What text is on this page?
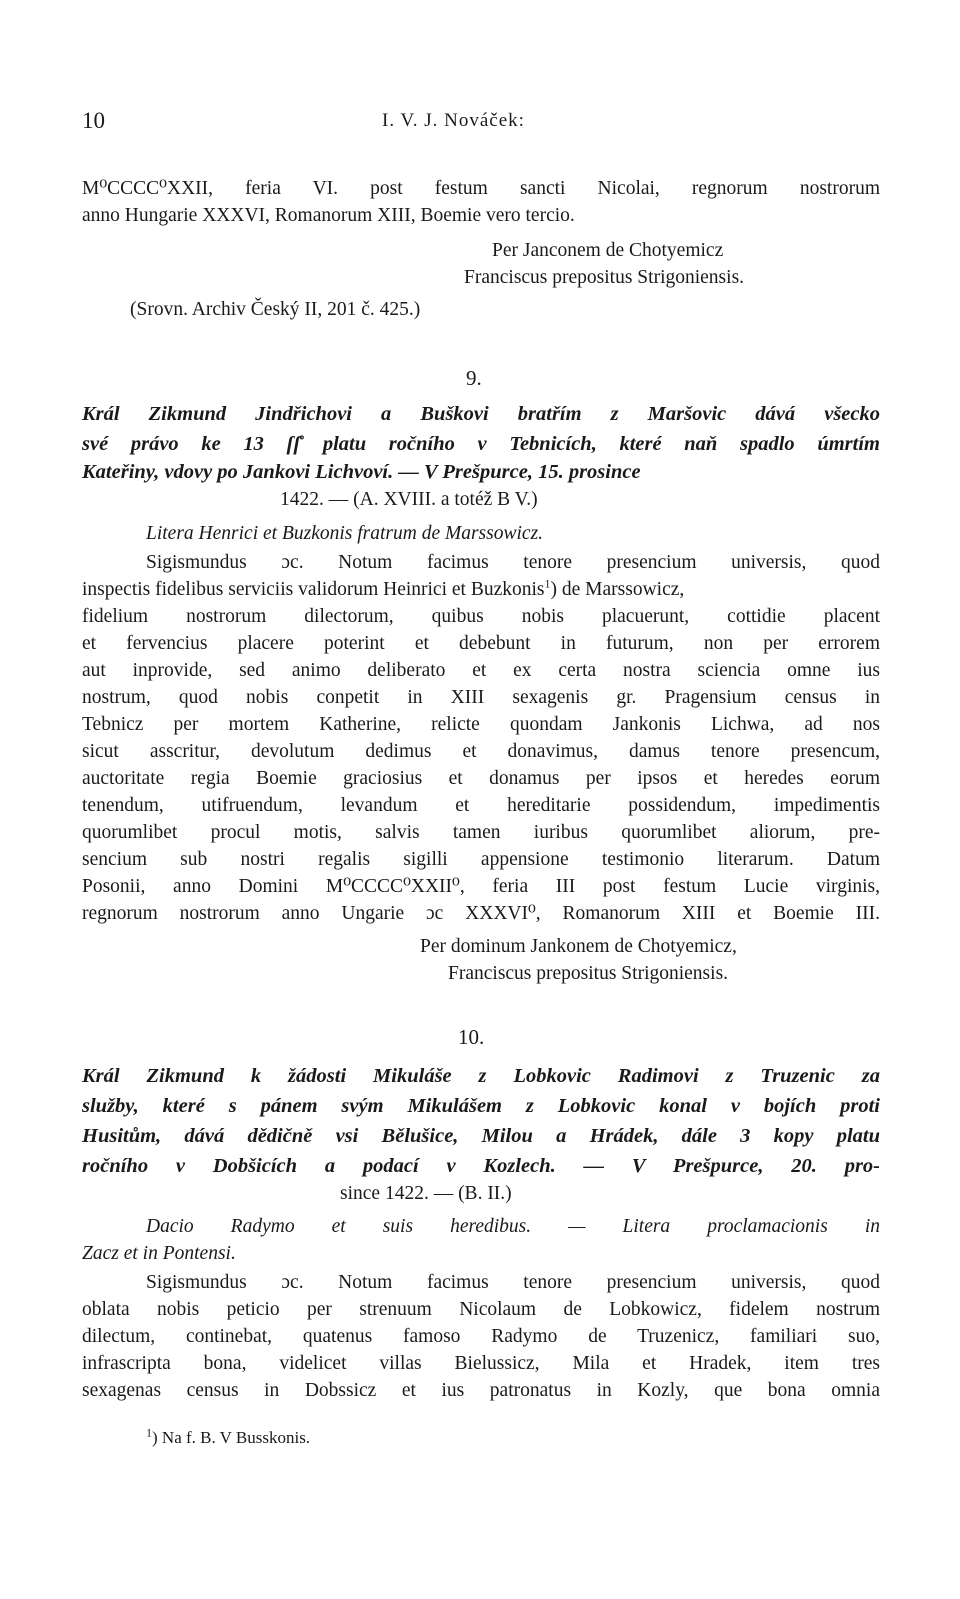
10	I. V. J. Nováček:
M⁰CCCC⁰XXII, feria VI. post festum sancti Nicolai, regnorum nostrorum
anno Hungarie XXXVI, Romanorum XIII, Boemie vero tercio.
Per Janconem de Chotyemicz
Franciscus prepositus Strigoniensis.
(Srovn. Archiv Český II, 201 č. 425.)
9.
Král Zikmund Jindřichovi a Buškovi bratřím z Maršovic dává všecko
své právo ke 13 ſſ̊ platu ročního v Tebnicích, které naň spadlo úmrtím
Kateřiny, vdovy po Jankovi Lichvoví. — V Prešpurce, 15. prosince
1422. — (A. XVIII. a totéž B V.)
Litera Henrici et Buzkonis fratrum de Marssowicz.
Sigismundus ɔc. Notum facimus tenore presencium universis, quod
inspectis fidelibus serviciis validorum Heinrici et Buzkonis$^1$) de Marssowicz,
fidelium nostrorum dilectorum, quibus nobis placuerunt, cottidie placent
et fervencius placere poterint et debebunt in futurum, non per errorem
aut inprovide, sed animo deliberato et ex certa nostra sciencia omne ius
nostrum, quod nobis conpetit in XIII sexagenis gr. Pragensium census in
Tebnicz per mortem Katherine, relicte quondam Jankonis Lichwa, ad nos
sicut asscritur, devolutum dedimus et donavimus, damus tenore presencum,
auctoritate regia Boemie graciosius et donamus per ipsos et heredes eorum
tenendum, utifruendum, levandum et hereditarie possidendum, impedimentis
quorumlibet procul motis, salvis tamen iuribus quorumlibet aliorum, pre-
sencium sub nostri regalis sigilli appensione testimonio literarum. Datum
Posonii, anno Domini M⁰CCCC⁰XXII⁰, feria III post festum Lucie virginis,
regnorum nostrorum anno Ungarie ɔc XXXVI⁰, Romanorum XIII et Boemie III.
Per dominum Jankonem de Chotyemicz,
Franciscus prepositus Strigoniensis.
10.
Král Zikmund k žádosti Mikuláše z Lobkovic Radimovi z Truzenic za
služby, které s pánem svým Mikulášem z Lobkovic konal v bojích proti
Husitům, dává dědičně vsi Bělušice, Milou a Hrádek, dále 3 kopy platu
ročního v Dobšicích a podací v Kozlech. — V Prešpurce, 20. pro-
since 1422. — (B. II.)
Dacio Radymo et suis heredibus. — Litera proclamacionis in
Zacz et in Pontensi.
Sigismundus ɔc. Notum facimus tenore presencium universis, quod
oblata nobis peticio per strenuum Nicolaum de Lobkowicz, fidelem nostrum
dilectum, continebat, quatenus famoso Radymo de Truzenicz, familiari suo,
infrascripta bona, videlicet villas Bielussicz, Mila et Hradek, item tres
sexagenas census in Dobssicz et ius patronatus in Kozly, que bona omnia
$^1$) Na f. B. V Busskonis.
